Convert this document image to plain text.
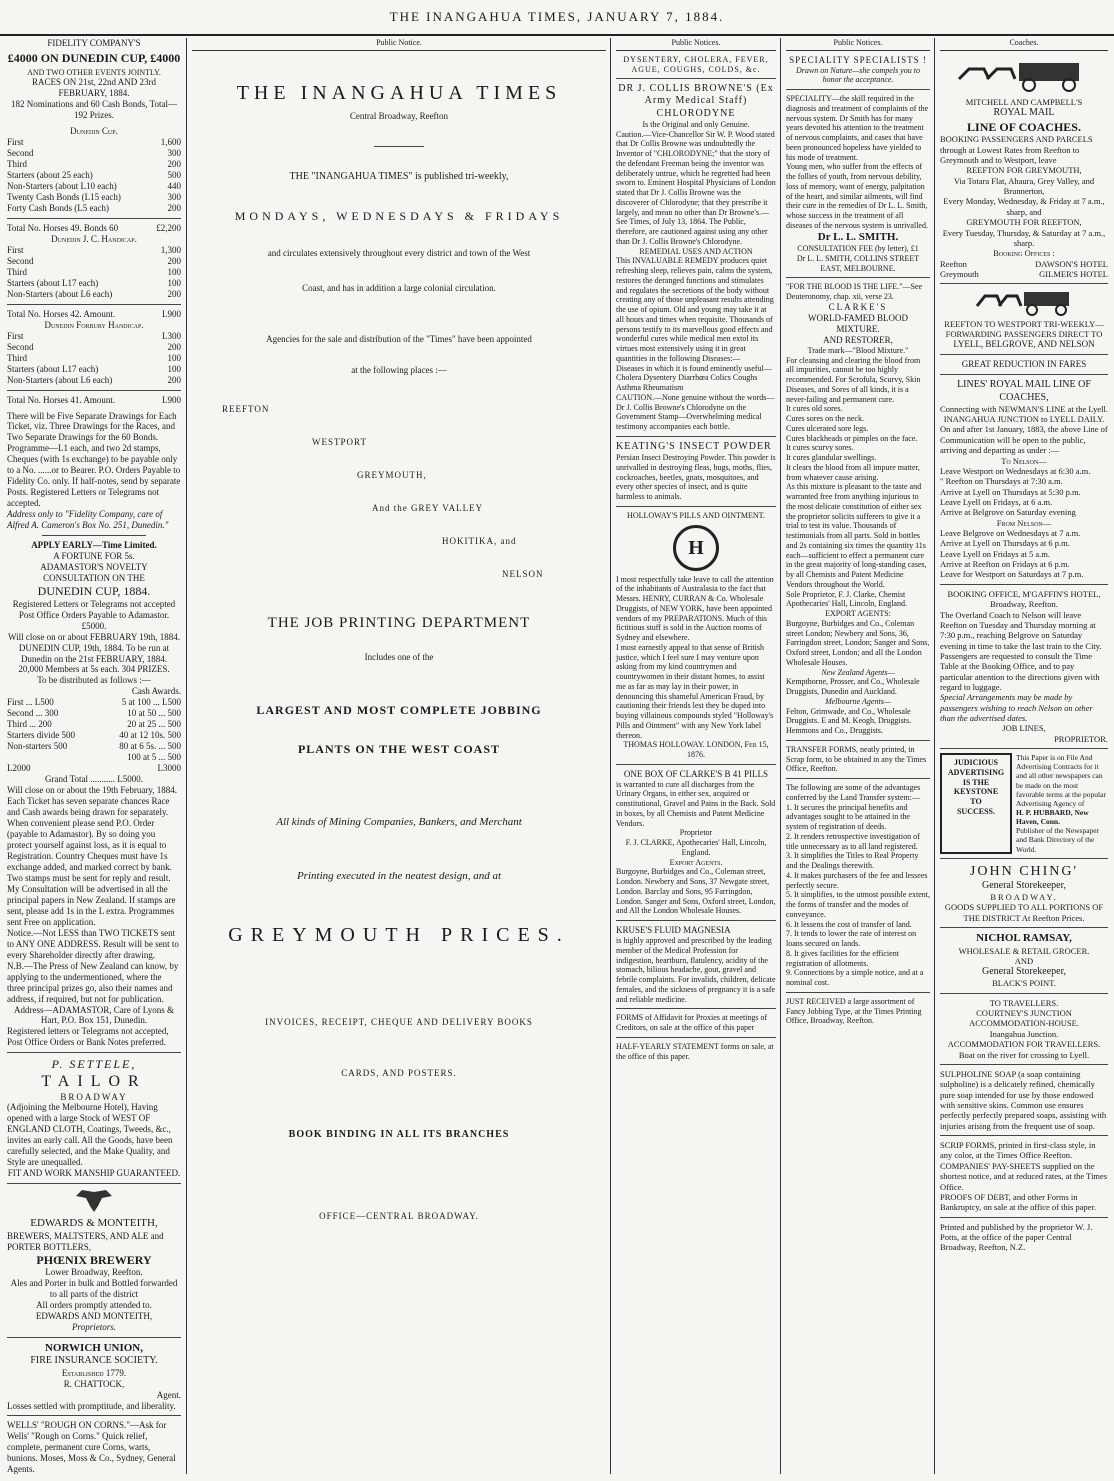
THE INANGAHUA TIMES, JANUARY 7, 1884.
FIDELITY COMPANY'S
£4000 ON DUNEDIN CUP, £4000
AND TWO OTHER EVENTS JOINTLY.
RACES ON 21st, 22nd AND 23rd FEBRUARY, 1884.
182 Nominations and 60 Cash Bonds, Total—192 Prizes.
Dunedin Cup.
First	1,600
Second	300
Third	200
Starters (about 25 each)	500
Non-Starters (about L10 each)	440
Twenty Cash Bonds (L15 each)	300
Forty Cash Bonds (L5 each)	200
Total No. Horses 49. Bonds 60	£2,200
Dunedin J. C. Handicap.
First	1,300
Second	200
Third	100
Starters (about L17 each)	100
Non-Starters (about L6 each)	200
Total No. Horses 42. Amount.	L900
Dunedin Forbury Handicap.
First	L300
Second	200
Third	100
Starters (about L17 each)	100
Non-Starters (about L6 each)	200
Total No. Horses 41. Amount.	L900
There will be Five Separate Drawings for Each Ticket, viz. Three Drawings for the Races, and Two Separate Drawings for the 60 Bonds.
Programme—L1 each, and two 2d stamps, Cheques (with 1s exchange) to be payable only to a No. ......or to Bearer. P.O. Orders Payable to Fidelity Co. only. If half-notes, send by separate Posts. Registered Letters or Telegrams not accepted.
Address only to "Fidelity Company, care of Alfred A. Cameron's Box No. 251, Dunedin."
APPLY EARLY—Time Limited.
A FORTUNE FOR 5s.
ADAMASTOR'S NOVELTY CONSULTATION ON THE
DUNEDIN CUP, 1884.
Registered Letters or Telegrams not accepted
Post Office Orders Payable to Adamastor.
£5000.
Will close on or about FEBRUARY 19th, 1884.
DUNEDIN CUP, 19th, 1884. To be run at Dunedin on the 21st FEBRUARY, 1884.
20,000 Members at 5s each. 304 PRIZES.
To be distributed as follows :—
Cash Awards.
First ... L500	5 at 100 ... L500
Second ... 300	10 at 50 ... 500
Third ... 200	20 at 25 ... 500
Starters divide 500	40 at 12 10s. 500
Non-starters 500	80 at 6 5s. ... 500
100 at 5 ... 500
L2000	L3000
Grand Total ........... L5000.
Will close on or about the 19th February, 1884.
Each Ticket has seven separate chances Race and Cash awards being drawn for separately.
When convenient please send P.O. Order (payable to Adamastor). By so doing you protect yourself against loss, as it is equal to Registration. Country Cheques must have 1s exchange added, and marked correct by bank. Two stamps must be sent for reply and result.
My Consultation will be advertised in all the principal papers in New Zealand. If stamps are sent, please add 1s in the L extra. Programmes sent Free on application.
Notice.—Not LESS than TWO TICKETS sent to ANY ONE ADDRESS. Result will be sent to every Shareholder directly after drawing.
N.B.—The Press of New Zealand can know, by applying to the undermentioned, where the three principal prizes go, also their names and address, if required, but not for publication.
Address—ADAMASTOR, Care of Lyons & Hart, P.O. Box 151, Dunedin.
Registered letters or Telegrams not accepted, Post Office Orders or Bank Notes preferred.
P. SETTELE,
TAILOR
BROADWAY
(Adjoining the Melbourne Hotel), Having opened with a large Stock of WEST OF ENGLAND CLOTH, Coatings, Tweeds, &c., invites an early call. All the Goods, have been carefully selected, and the Make Quality, and Style are unequalled.
FIT AND WORK MANSHIP GUARANTEED.
EDWARDS & MONTEITH,
BREWERS, MALTSTERS, AND ALE and PORTER BOTTLERS,
PHŒNIX BREWERY
Lower Broadway, Reefton.
Ales and Porter in bulk and Bottled forwarded to all parts of the district
All orders promptly attended to.
EDWARDS AND MONTEITH,
Proprietors.
NORWICH UNION,
FIRE INSURANCE SOCIETY.
Established 1779.
R. CHATTOCK,
Agent.
Losses settled with promptitude, and liberality.
WELLS' "ROUGH ON CORNS."—Ask for Wells' "Rough on Corns." Quick relief, complete, permanent cure Corns, warts, bunions. Moses, Moss & Co., Sydney, General Agents.
Public Notice.
THE INANGAHUA TIMES
Central Broadway, Reefton
THE "INANGAHUA TIMES" is published tri-weekly,
MONDAYS, WEDNESDAYS & FRIDAYS
and circulates extensively throughout every district and town of the West
Coast, and has in addition a large colonial circulation.
Agencies for the sale and distribution of the "Times" have been appointed
at the following places :—
REEFTON
WESTPORT
GREYMOUTH,
And the GREY VALLEY
HOKITIKA, and
NELSON
THE JOB PRINTING DEPARTMENT
Includes one of the
LARGEST AND MOST COMPLETE JOBBING
PLANTS ON THE WEST COAST
All kinds of Mining Companies, Bankers, and Merchant
Printing executed in the neatest design, and at
GREYMOUTH PRICES.
INVOICES, RECEIPT, CHEQUE AND DELIVERY BOOKS
CARDS, AND POSTERS.
BOOK BINDING IN ALL ITS BRANCHES
OFFICE—CENTRAL BROADWAY.
Public Notices.
DYSENTERY, CHOLERA, FEVER, AGUE, COUGHS, COLDS, &c.
DR J. COLLIS BROWNE'S (Ex Army Medical Staff) CHLORODYNE
Is the Original and only Genuine.
Caution.—Vice-Chancellor Sir W. P. Wood stated that Dr Collis Browne was undoubtedly the Inventor of "CHLORODYNE;" that the story of the defendant Freeman being the inventor was deliberately untrue, which he regretted had been sworn to. Eminent Hospital Physicians of London stated that Dr J. Collis Browne was the discoverer of Chlorodyne; that they prescribe it largely, and mean no other than Dr Browne's.—See Times, of July 13, 1864. The Public, therefore, are cautioned against using any other than Dr J. Collis Browne's Chlorodyne.
REMEDIAL USES AND ACTION
This INVALUABLE REMEDY produces quiet refreshing sleep, relieves pain, calms the system, restores the deranged functions and stimulates and regulates the secretions of the body without creating any of those unpleasant results attending the use of opium. Old and young may take it at all hours and times when requisite. Thousands of persons testify to its marvellous good effects and wonderful cures while medical men extol its virtues most extensively using it in great quantities in the following Diseases:—
Diseases in which it is found eminently useful—Cholera Dysentery Diarrhœa Colics Coughs Asthma Rheumatism
CAUTION.—None genuine without the words—Dr J. Collis Browne's Chlorodyne on the Government Stamp—Overwhelming medical testimony accompanies each bottle.
KEATING'S INSECT POWDER
Persian Insect Destroying Powder. This powder is unrivalled in destroying fleas, bugs, moths, flies, cockroaches, beetles, gnats, mosquitoes, and every other species of insect, and is quite harmless to animals.
HOLLOWAY'S PILLS AND OINTMENT.
H
I most respectfully take leave to call the attention of the inhabitants of Australasia to the fact that Messrs. HENRY, CURRAN & Co. Wholesale Druggists, of NEW YORK, have been appointed vendors of my PREPARATIONS. Much of this fictitious stuff is sold in the Auction rooms of Sydney and elsewhere.
I most earnestly appeal to that sense of British justice, which I feel sure I may venture upon asking from my kind countrymen and countrywomen in their distant homes, to assist me as far as may lay in their power, in denouncing this shameful American Fraud, by cautioning their friends lest they be duped into buying villainous compounds styled "Holloway's Pills and Ointment" with any New York label thereon.
THOMAS HOLLOWAY. LONDON, Feb 15, 1876.
ONE BOX OF CLARKE'S B 41 PILLS
is warranted to cure all discharges from the Urinary Organs, in either sex, acquired or constitutional, Gravel and Pains in the Back. Sold in boxes, by all Chemists and Patent Medicine Vendors.
Proprietor
F. J. CLARKE, Apothecaries' Hall, Lincoln, England.
Export Agents.
Burgoyne, Burbidges and Co., Coleman street, London. Newbery and Sons, 37 Newgate street, London. Barclay and Sons, 95 Farringdon, London. Sanger and Sons, Oxford street, London, and All the London Wholesale Houses.
KRUSE'S FLUID MAGNESIA
is highly approved and prescribed by the leading member of the Medical Profession for indigestion, heartburn, flatulency, acidity of the stomach, bilious headache, gout, gravel and febrile complaints. For invalids, children, delicate females, and the sickness of pregnancy it is a safe and reliable medicine.
FORMS of Affidavit for Proxies at meetings of Creditors, on sale at the office of this paper
HALF-YEARLY STATEMENT forms on sale, at the office of this paper.
Public Notices.
SPECIALITY SPECIALISTS !
Drawn on Nature—she compels you to honor the acceptance.
SPECIALITY—the skill required in the diagnosis and treatment of complaints of the nervous system. Dr Smith has for many years devoted his attention to the treatment of nervous complaints, and cases that have been pronounced hopeless have yielded to his mode of treatment.
Young men, who suffer from the effects of the follies of youth, from nervous debility, loss of memory, want of energy, palpitation of the heart, and similar ailments, will find their cure in the remedies of Dr L. L. Smith, whose success in the treatment of all diseases of the nervous system is unrivalled.
Dr L. L. SMITH.
CONSULTATION FEE (by letter), £1
Dr L. L. SMITH, COLLINS STREET EAST, MELBOURNE.
"FOR THE BLOOD IS THE LIFE."—See Deuteronomy, chap. xii, verse 23.
CLARKE'S
WORLD-FAMED BLOOD MIXTURE.
AND RESTORER,
Trade mark—"Blood Mixture."
For cleansing and clearing the blood from all impurities, cannot be too highly recommended. For Scrofula, Scurvy, Skin Diseases, and Sores of all kinds, it is a never-failing and permanent cure.
It cures old sores.
Cures sores on the neck.
Cures ulcerated sore legs.
Cures blackheads or pimples on the face.
It cures scurvy sores.
It cures glandular swellings.
It clears the blood from all impure matter, from whatever cause arising.
As this mixture is pleasant to the taste and warranted free from anything injurious to the most delicate constitution of either sex the proprietor solicits sufferers to give it a trial to test its value. Thousands of testimonials from all parts. Sold in bottles and 2s containing six times the quantity 11s each—sufficient to effect a permanent cure in the great majority of long-standing cases, by all Chemists and Patent Medicine Vendors throughout the World.
Sole Proprietor, F. J. Clarke, Chemist Apothecaries' Hall, Lincoln, England.
EXPORT AGENTS:
Burgoyne, Burbidges and Co., Coleman street London; Newbery and Sons, 36, Farringdon street, London; Sanger and Sons, Oxford street, London; and all the London Wholesale Houses.
New Zealand Agents—
Kempthorne, Prosser, and Co., Wholesale Druggists, Dunedin and Auckland.
Melbourne Agents—
Felton, Grimwade, and Co., Wholesale Druggists. E and M. Keogh, Druggists. Hemmons and Co., Druggists.
TRANSFER FORMS, neatly printed, in Scrap form, to be obtained in any the Times Office, Reefton.
The following are some of the advantages conferred by the Land Transfer system:—
1. It secures the principal benefits and advantages sought to be attained in the system of registration of deeds.
2. It renders retrospective investigation of title unnecessary as to all land registered.
3. It simplifies the Titles to Real Property and the Dealings therewith.
4. It makes purchasers of the fee and lessees perfectly secure.
5. It simplifies, to the utmost possible extent, the forms of transfer and the modes of conveyance.
6. It lessens the cost of transfer of land.
7. It tends to lower the rate of interest on loans secured on lands.
8. It gives facilities for the efficient registration of allotments.
9. Connections by a simple notice, and at a nominal cost.
JUST RECEIVED a large assortment of Fancy Jobbing Type, at the Times Printing Office, Broadway, Reefton.
Coaches.
MITCHELL AND CAMPBELL'S
ROYAL MAIL
LINE OF COACHES.
BOOKING PASSENGERS AND PARCELS through at Lowest Rates from Reefton to Greymouth and to Westport, leave
REEFTON FOR GREYMOUTH,
Via Totara Flat, Ahaura, Grey Valley, and Brunnerton,
Every Monday, Wednesday, & Friday at 7 a.m., sharp, and
GREYMOUTH FOR REEFTON,
Every Tuesday, Thursday, & Saturday at 7 a.m., sharp.
Booking Offices :
Reefton	DAWSON'S HOTEL
Greymouth	GILMER'S HOTEL
REEFTON TO WESTPORT TRI-WEEKLY—FORWARDING PASSENGERS DIRECT TO
LYELL, BELGROVE, AND NELSON
GREAT REDUCTION IN FARES
LINES' ROYAL MAIL LINE OF COACHES,
Connecting with NEWMAN'S LINE at the Lyell.
INANGAHUA JUNCTION to LYELL DAILY.
On and after 1st January, 1883, the above Line of Communication will be open to the public, arriving and departing as under :—
To Nelson—
Leave Westport on Wednesdays at 6:30 a.m.
" Reefton on Thursdays at 7:30 a.m.
Arrive at Lyell on Thursdays at 5:30 p.m.
Leave Lyell on Fridays, at 6 a.m.
Arrive at Belgrove on Saturday evening
From Nelson—
Leave Belgrove on Wednesdays at 7 a.m.
Arrive at Lyell on Thursdays at 6 p.m.
Leave Lyell on Fridays at 5 a.m.
Arrive at Reefton on Fridays at 6 p.m.
Leave for Westport on Saturdays at 7 p.m.
BOOKING OFFICE, M'GAFFIN'S HOTEL,
Broadway, Reefton.
The Overland Coach to Nelson will leave Reefton on Tuesday and Thursday morning at 7:30 p.m., reaching Belgrove on Saturday evening in time to take the last train to the City. Passengers are requested to consult the Time Table at the Booking Office, and to pay particular attention to the directions given with regard to luggage.
Special Arrangements may be made by passengers wishing to reach Nelson on other than the advertised dates.
JOB LINES,
PROPRIETOR.
JUDICIOUS
ADVERTISING
IS THE
KEYSTONE
TO
SUCCESS.
This Paper is on File And Advertising Contracts for it and all other newspapers can be made on the most favorable terms at the popular Advertising Agency of
H. P. HUBBARD, New Haven, Conn.
Publisher of the Newspaper and Bank Directory of the World.
JOHN CHING'
General Storekeeper,
BROADWAY.
GOODS SUPPLIED TO ALL PORTIONS OF THE DISTRICT At Reefton Prices.
NICHOL RAMSAY,
WHOLESALE & RETAIL GROCER.
AND
General Storekeeper,
BLACK'S POINT.
TO TRAVELLERS.
COURTNEY'S JUNCTION ACCOMMODATION-HOUSE.
Inangahua Junction.
ACCOMMODATION FOR TRAVELLERS.
Boat on the river for crossing to Lyell.
SULPHOLINE SOAP (a soap containing sulpholine) is a delicately refined, chemically pure soap intended for use by those endowed with sensitive skins. Common use ensures perfectly perfectly prepared soaps, assisting with injuries arising from the frequent use of soap.
SCRIP FORMS, printed in first-class style, in any color, at the Times Office Reefton.
COMPANIES' PAY-SHEETS supplied on the shortest notice, and at reduced rates, at the Times Office.
PROOFS OF DEBT, and other Forms in Bankruptcy, on sale at the office of this paper.
Printed and published by the proprietor W. J. Potts, at the office of the paper Central Broadway, Reefton, N.Z.
